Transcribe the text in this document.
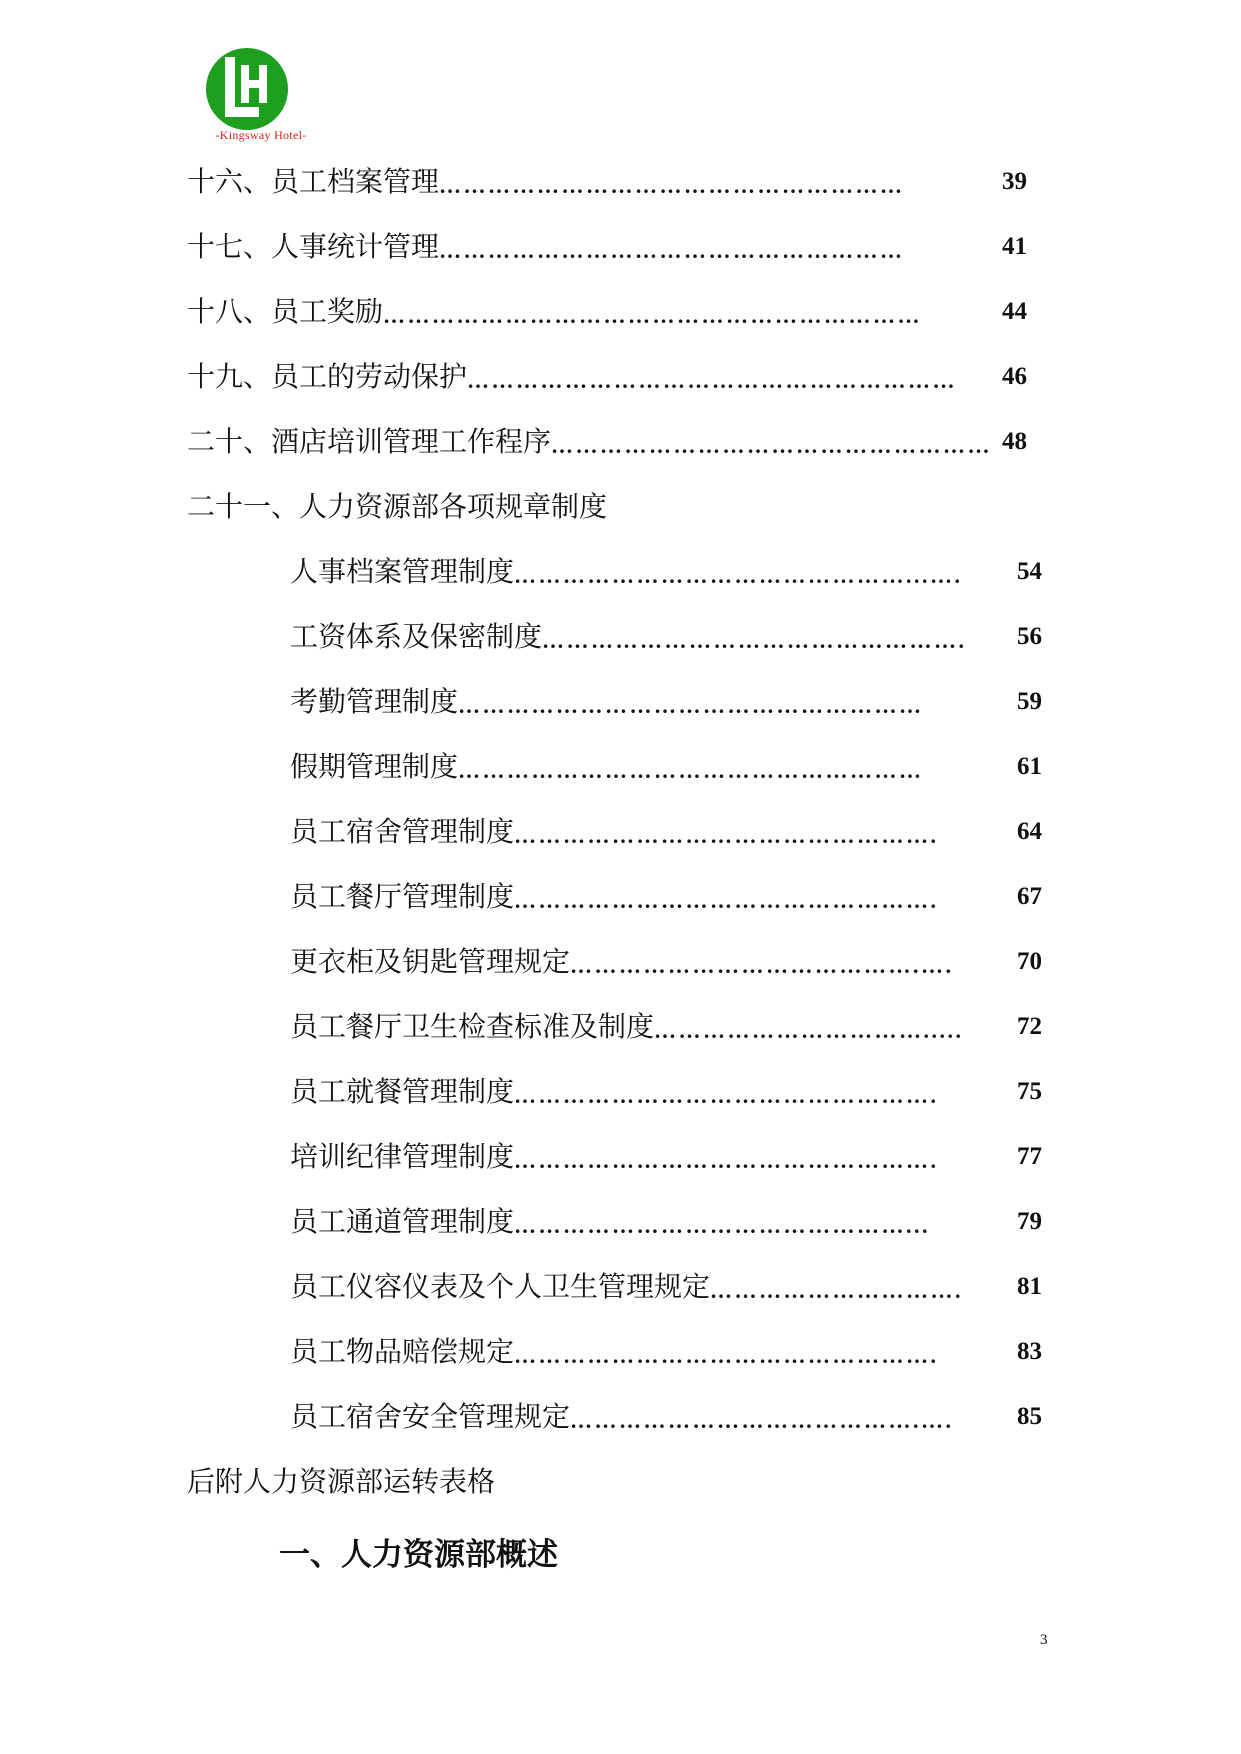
-Kingsway Hotel-
十六、员工档案管理 …………………………………………………	39
十七、人事统计管理 …………………………………………………	41
十八、员工奖励 …………………………………………………………	44
十九、员工的劳动保护 ……………………………………………………	46
二十、酒店培训管理工作程序 ……………………………………………… 48
二十一、人力资源部各项规章制度
人事档案管理制度 …………………………………………...….	54
工资体系及保密制度 …………………………………………….	56
考勤管理制度 …………………………………………………	59
假期管理制度 …………………………………………………	61
员工宿舍管理制度 …………………………………………….	64
员工餐厅管理制度 …………………………………………….	67
更衣柜及钥匙管理规定 …………………………………….….	70
员工餐厅卫生检查标准及制度 …………………………….....	72
员工就餐管理制度 …………………………………………….	75
培训纪律管理制度 …………………………………………….	77
员工通道管理制度 …………………………………………...	79
员工仪容仪表及个人卫生管理规定 ………………………….	81
员工物品赔偿规定 …………………………………………….	83
员工宿舍安全管理规定 …………………………………….….	85
后附人力资源部运转表格
一、人力资源部概述
3
